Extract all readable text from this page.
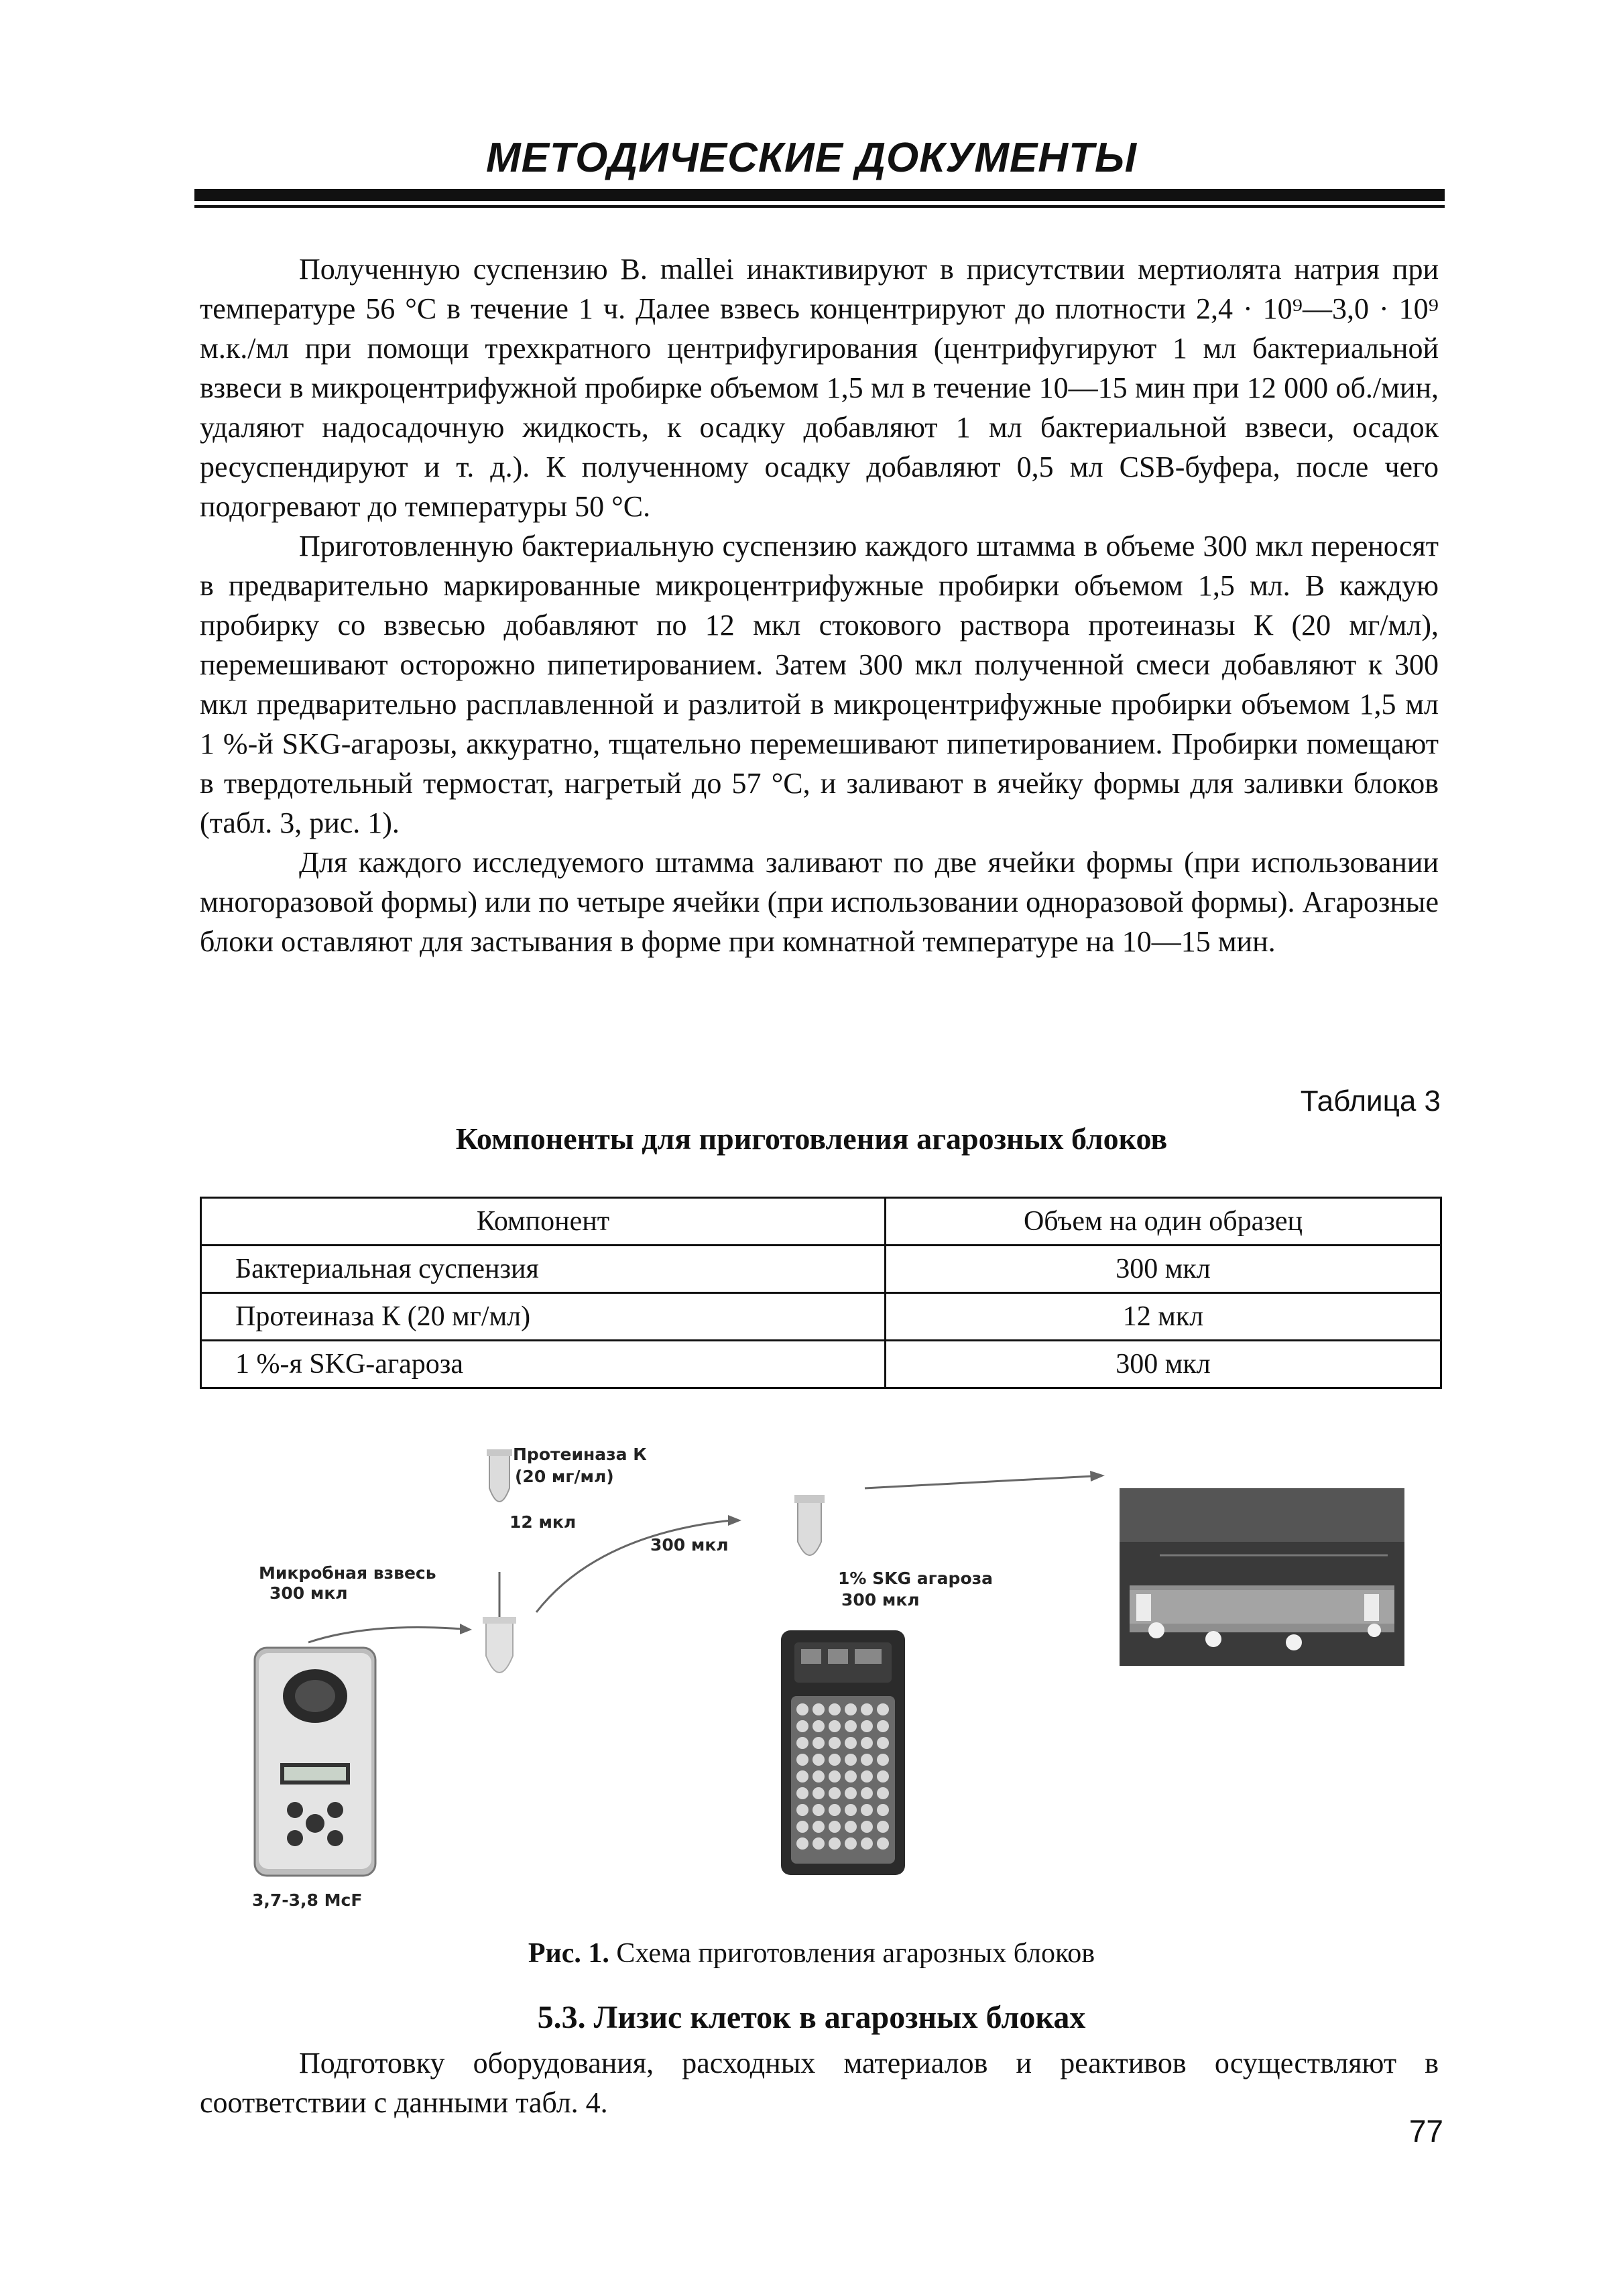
МЕТОДИЧЕСКИЕ ДОКУМЕНТЫ

Полученную суспензию B. mallei инактивируют в присутствии мертиолята натрия при температуре 56 °С в течение 1 ч. Далее взвесь концентрируют до плотности 2,4 · 10⁹—3,0 · 10⁹ м.к./мл при помощи трехкратного центрифугирования (центрифугируют 1 мл бактериальной взвеси в микроцентрифужной пробирке объемом 1,5 мл в течение 10—15 мин при 12 000 об./мин, удаляют надосадочную жидкость, к осадку добавляют 1 мл бактериальной взвеси, осадок ресуспендируют и т. д.). К полученному осадку добавляют 0,5 мл CSB-буфера, после чего подогревают до температуры 50 °С.

Приготовленную бактериальную суспензию каждого штамма в объеме 300 мкл переносят в предварительно маркированные микроцентрифужные пробирки объемом 1,5 мл. В каждую пробирку со взвесью добавляют по 12 мкл стокового раствора протеиназы К (20 мг/мл), перемешивают осторожно пипетированием. Затем 300 мкл полученной смеси добавляют к 300 мкл предварительно расплавленной и разлитой в микроцентрифужные пробирки объемом 1,5 мл 1 %-й SKG-агарозы, аккуратно, тщательно перемешивают пипетированием. Пробирки помещают в твердотельный термостат, нагретый до 57 °С, и заливают в ячейку формы для заливки блоков (табл. 3, рис. 1).

Для каждого исследуемого штамма заливают по две ячейки формы (при использовании многоразовой формы) или по четыре ячейки (при использовании одноразовой формы). Агарозные блоки оставляют для застывания в форме при комнатной температуре на 10—15 мин.

Таблица 3
Компоненты для приготовления агарозных блоков
Компонент	Объем на один образец
Бактериальная суспензия	300 мкл
Протеиназа К (20 мг/мл)	12 мкл
1 %-я SKG-агароза	300 мкл
Протеиназа К
(20 мг/мл)
12 мкл
Микробная взвесь
300 мкл
300 мкл
1% SKG агароза
300 мкл
3,7-3,8 McF
Рис. 1. Схема приготовления агарозных блоков
5.3. Лизис клеток в агарозных блоках

Подготовку оборудования, расходных материалов и реактивов осуществляют в соответствии с данными табл. 4.

77
